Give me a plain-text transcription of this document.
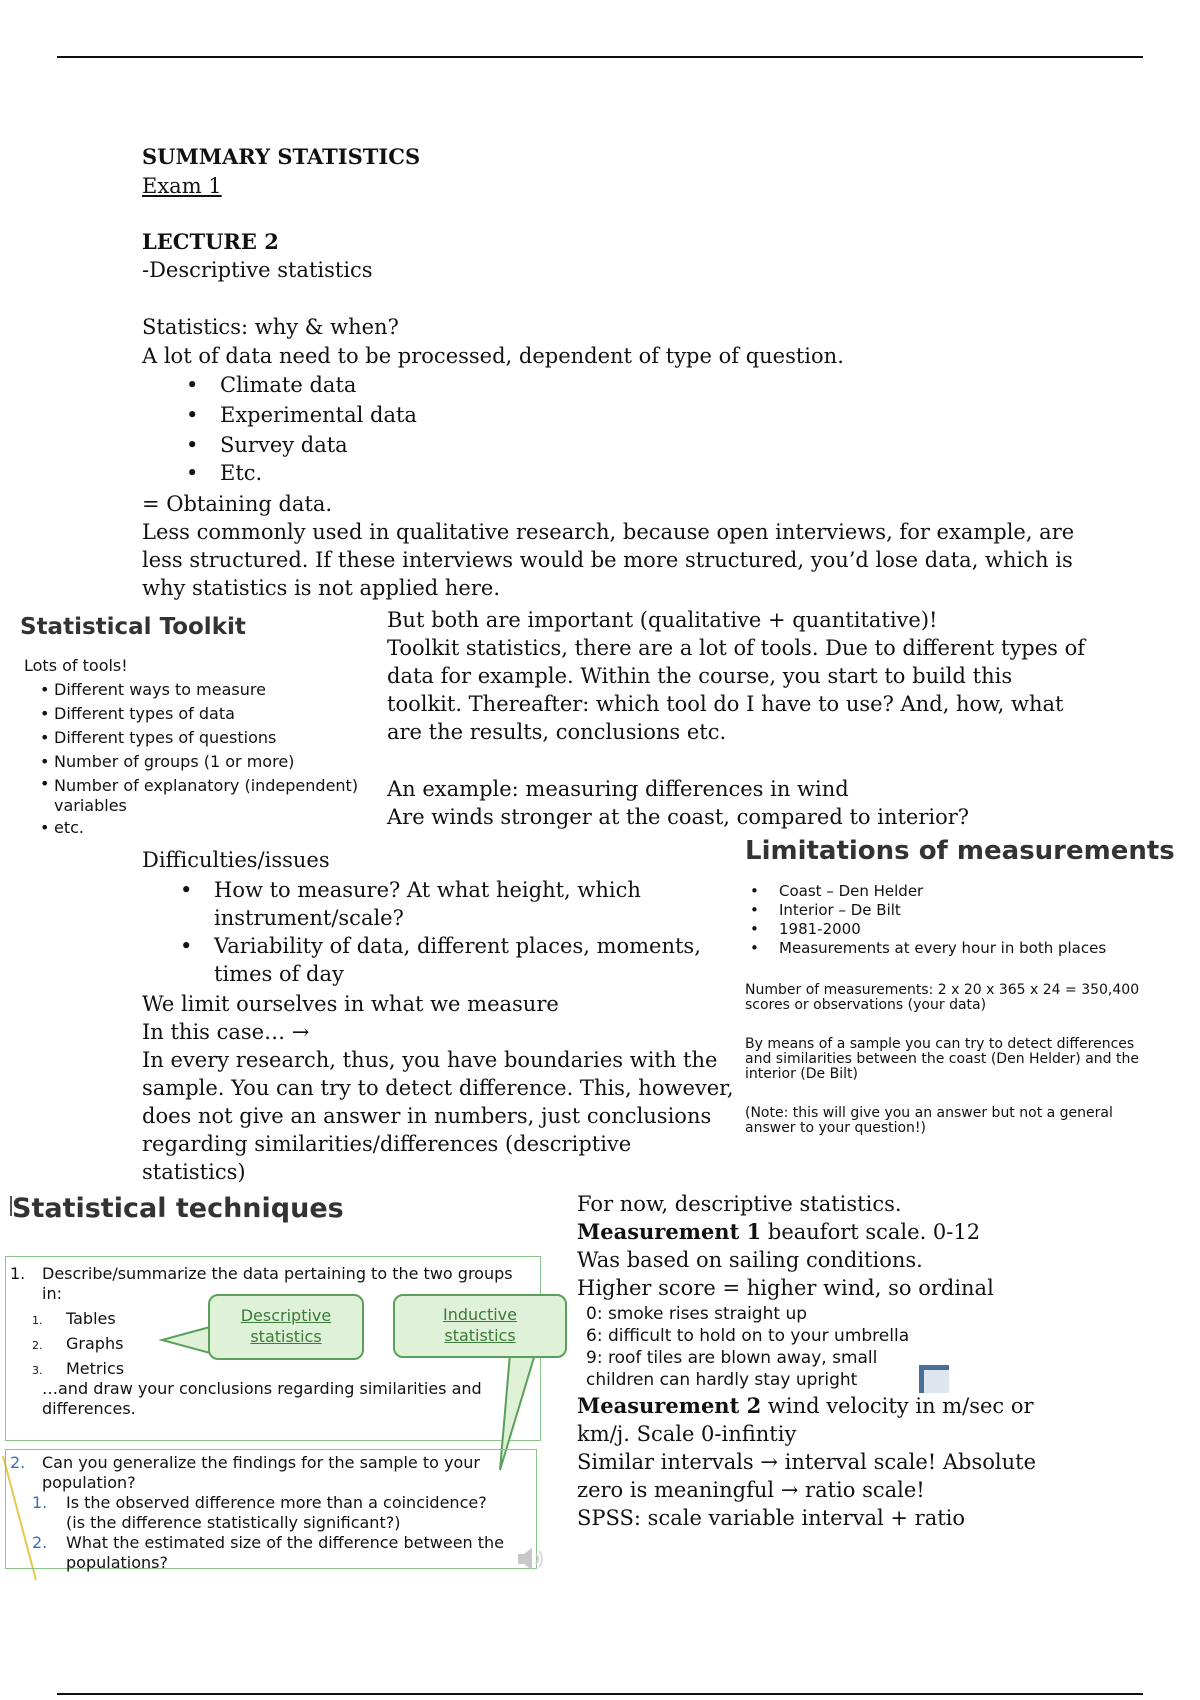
SUMMARY STATISTICS
Exam 1
LECTURE 2
-Descriptive statistics
Statistics: why & when?
A lot of data need to be processed, dependent of type of question.
• Climate data
• Experimental data
• Survey data
• Etc.
= Obtaining data.
Less commonly used in qualitative research, because open interviews, for example, are
less structured. If these interviews would be more structured, you’d lose data, which is
why statistics is not applied here.
Statistical Toolkit
Lots of tools!
• Different ways to measure
• Different types of data
• Different types of questions
• Number of groups (1 or more)
• Number of explanatory (independent)
variables
• etc.
But both are important (qualitative + quantitative)!
Toolkit statistics, there are a lot of tools. Due to different types of
data for example. Within the course, you start to build this
toolkit. Thereafter: which tool do I have to use? And, how, what
are the results, conclusions etc.
An example: measuring differences in wind
Are winds stronger at the coast, compared to interior?
Limitations of measurements
• Coast – Den Helder
• Interior – De Bilt
• 1981-2000
• Measurements at every hour in both places
Number of measurements: 2 x 20 x 365 x 24 = 350,400
scores or observations (your data)
By means of a sample you can try to detect differences
and similarities between the coast (Den Helder) and the
interior (De Bilt)
(Note: this will give you an answer but not a general
answer to your question!)
Difficulties/issues
• How to measure? At what height, which
instrument/scale?
• Variability of data, different places, moments,
times of day
We limit ourselves in what we measure
In this case… →
In every research, thus, you have boundaries with the
sample. You can try to detect difference. This, however,
does not give an answer in numbers, just conclusions
regarding similarities/differences (descriptive
statistics)
Statistical techniques
1. Describe/summarize the data pertaining to the two groups
in:
1. Tables
2. Graphs
3. Metrics
…and draw your conclusions regarding similarities and
differences.
Descriptive
statistics
Inductive
statistics
2. Can you generalize the findings for the sample to your
population?
1. Is the observed difference more than a coincidence?
(is the difference statistically significant?)
2. What the estimated size of the difference between the
populations?
For now, descriptive statistics.
Measurement 1 beaufort scale. 0-12
Was based on sailing conditions.
Higher score = higher wind, so ordinal
0: smoke rises straight up
6: difficult to hold on to your umbrella
9: roof tiles are blown away, small
children can hardly stay upright
Measurement 2 wind velocity in m/sec or
km/j. Scale 0-infintiy
Similar intervals → interval scale! Absolute
zero is meaningful → ratio scale!
SPSS: scale variable interval + ratio
